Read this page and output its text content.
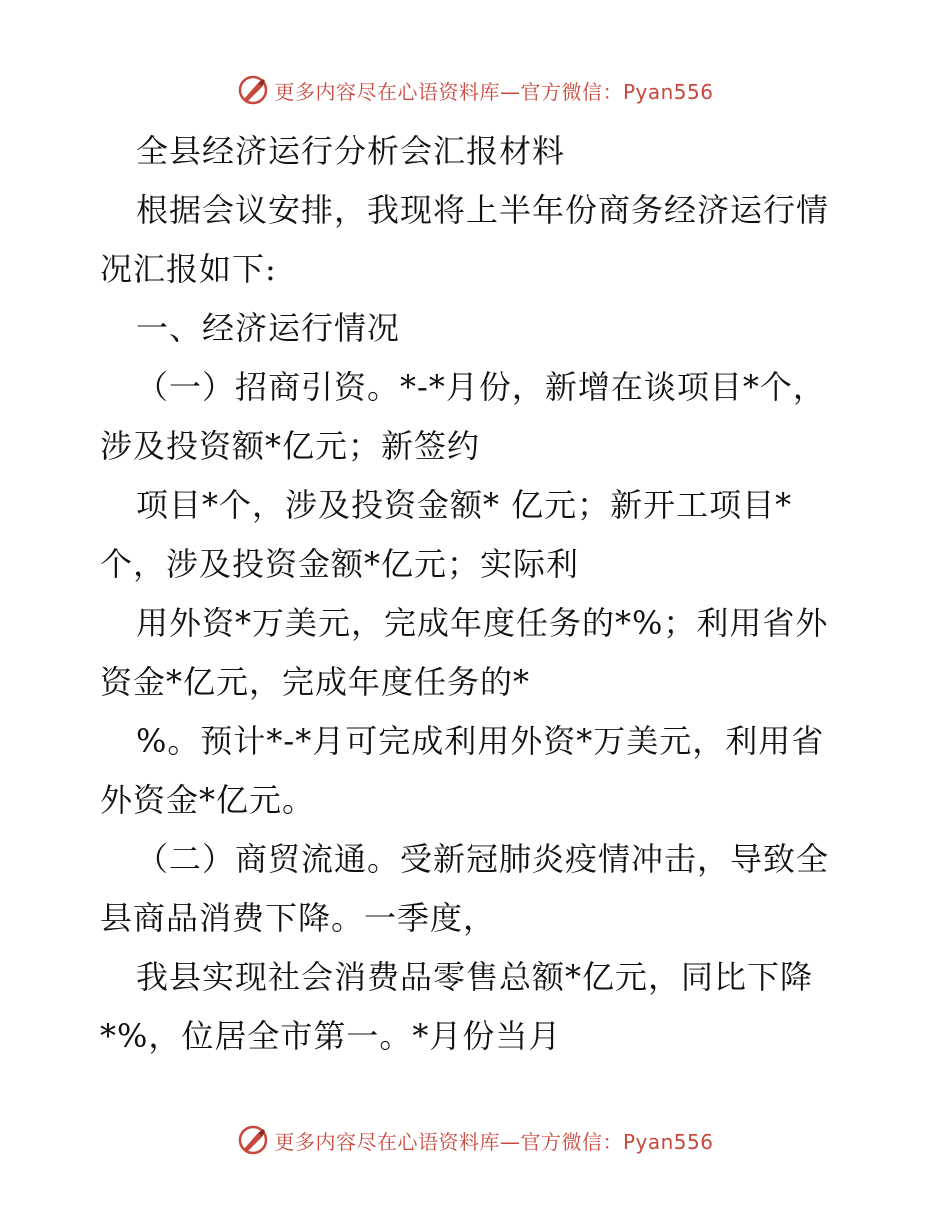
更多内容尽在心语资料库—官方微信：Pyan556
全县经济运行分析会汇报材料
根据会议安排，我现将上半年份商务经济运行情
况汇报如下:
一、经济运行情况
（一）招商引资。*-*月份，新增在谈项目*个，
涉及投资额*亿元；新签约
项目*个，涉及投资金额* 亿元；新开工项目*
个，涉及投资金额*亿元；实际利
用外资*万美元，完成年度任务的*%；利用省外
资金*亿元，完成年度任务的*
%。预计*-*月可完成利用外资*万美元，利用省
外资金*亿元。
（二）商贸流通。受新冠肺炎疫情冲击，导致全
县商品消费下降。一季度，
我县实现社会消费品零售总额*亿元，同比下降
*%，位居全市第一。*月份当月
更多内容尽在心语资料库—官方微信：Pyan556
